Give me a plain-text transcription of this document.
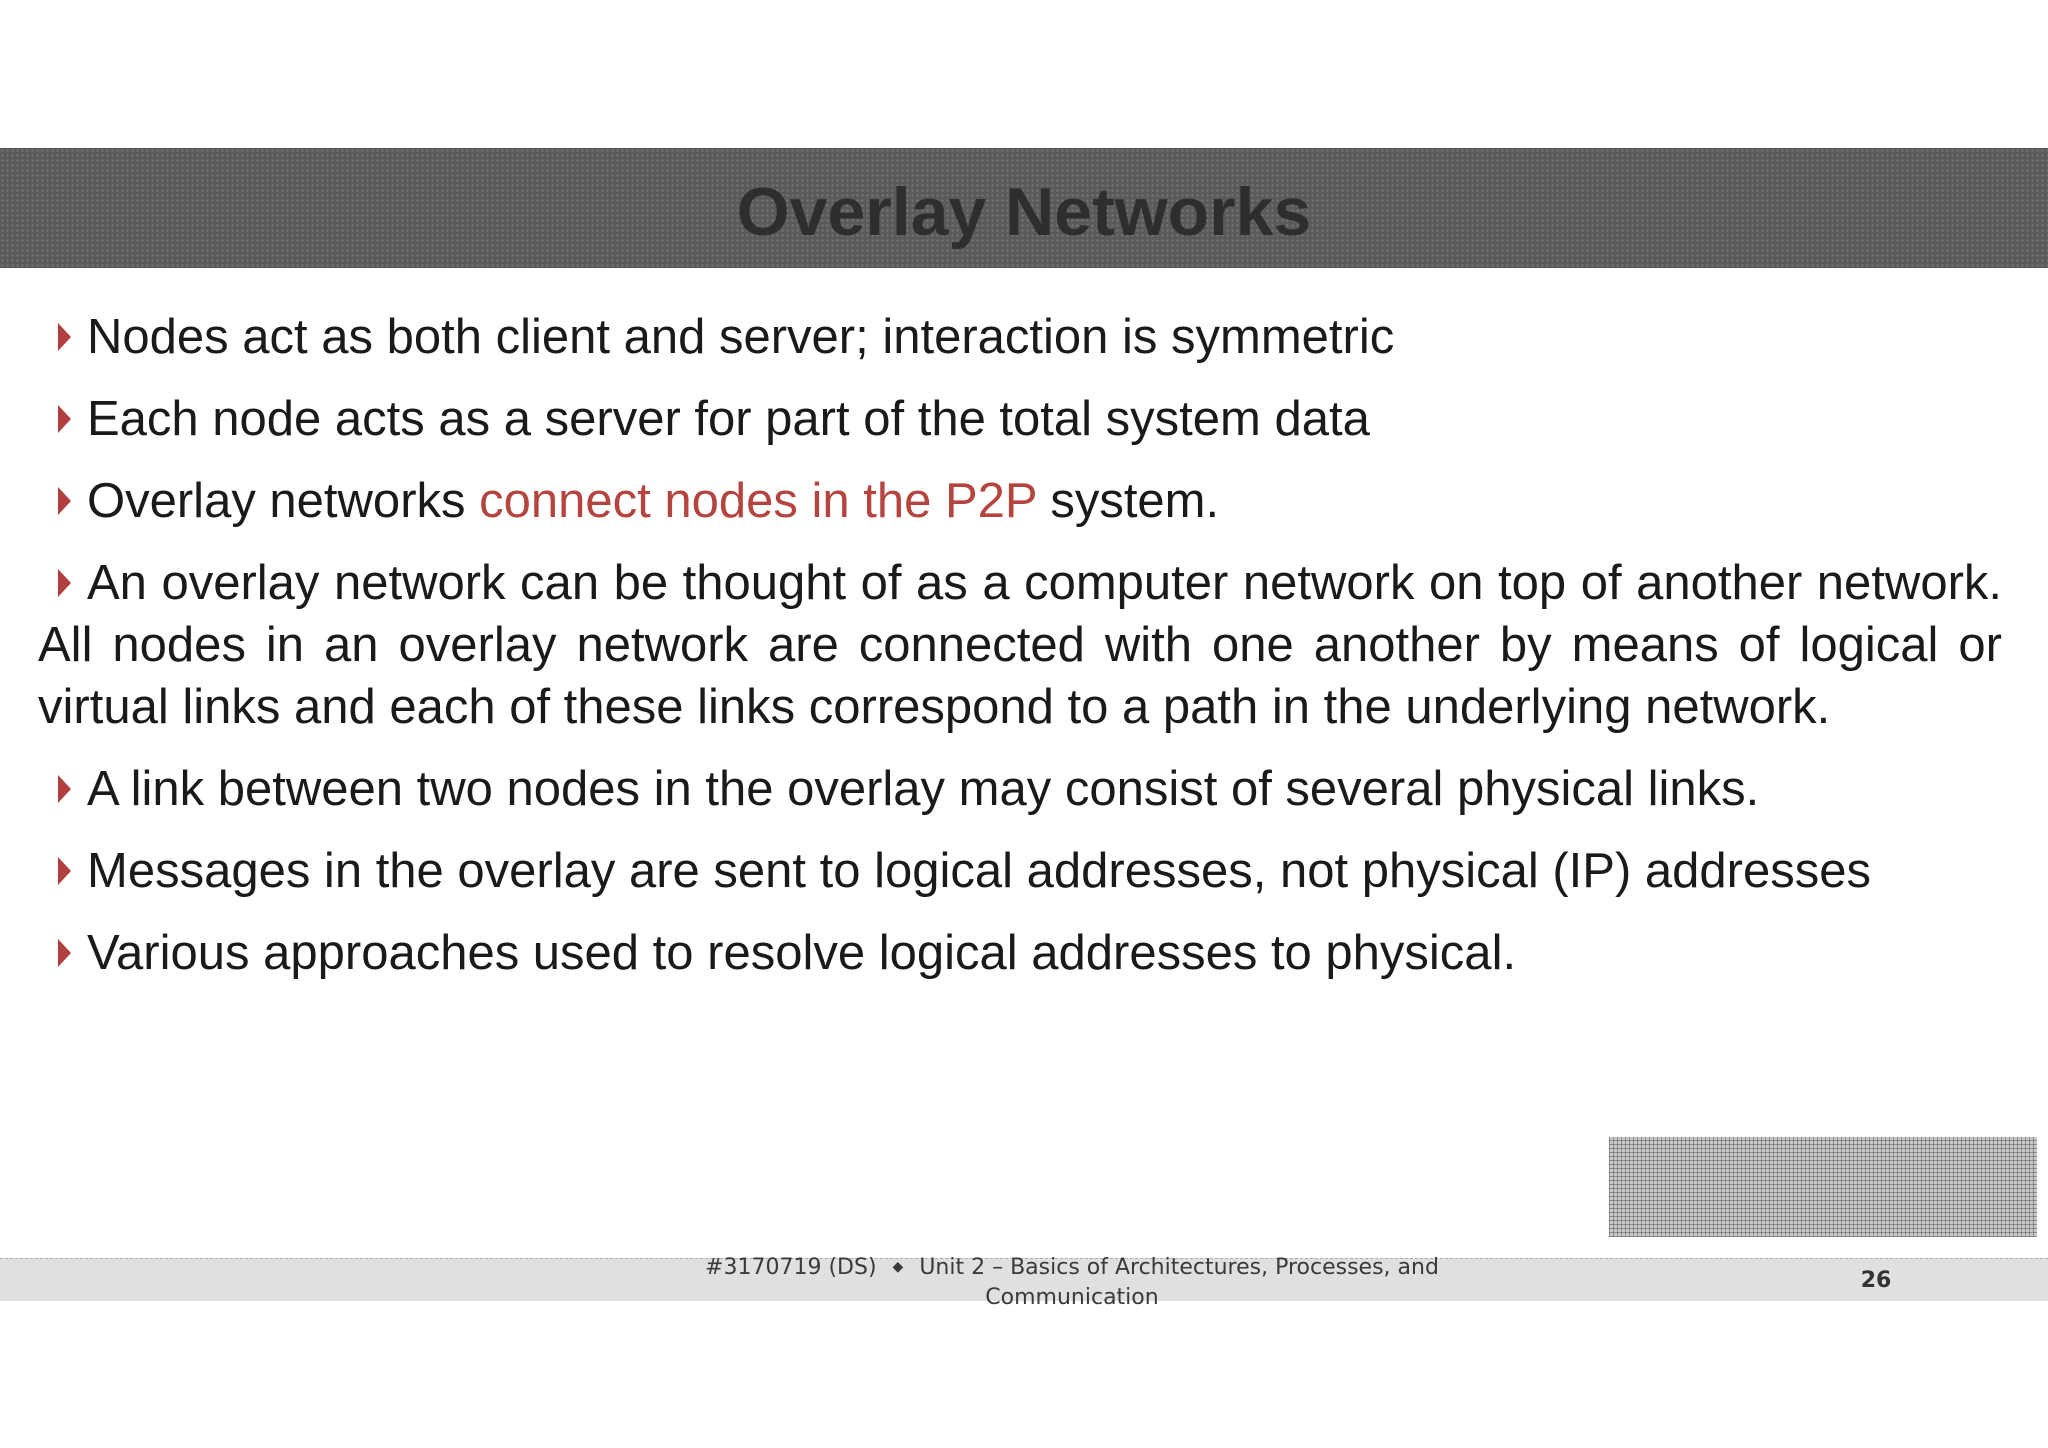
Overlay Networks
Nodes act as both client and server; interaction is symmetric
Each node acts as a server for part of the total system data
Overlay networks connect nodes in the P2P system.
An overlay network can be thought of as a computer network on top of another network. All nodes in an overlay network are connected with one another by means of logical or virtual links and each of these links correspond to a path in the underlying network.
A link between two nodes in the overlay may consist of several physical links.
Messages in the overlay are sent to logical addresses, not physical (IP) addresses
Various approaches used to resolve logical addresses to physical.
#3170719 (DS) ◆ Unit 2 – Basics of Architectures, Processes, and
Communication
26
